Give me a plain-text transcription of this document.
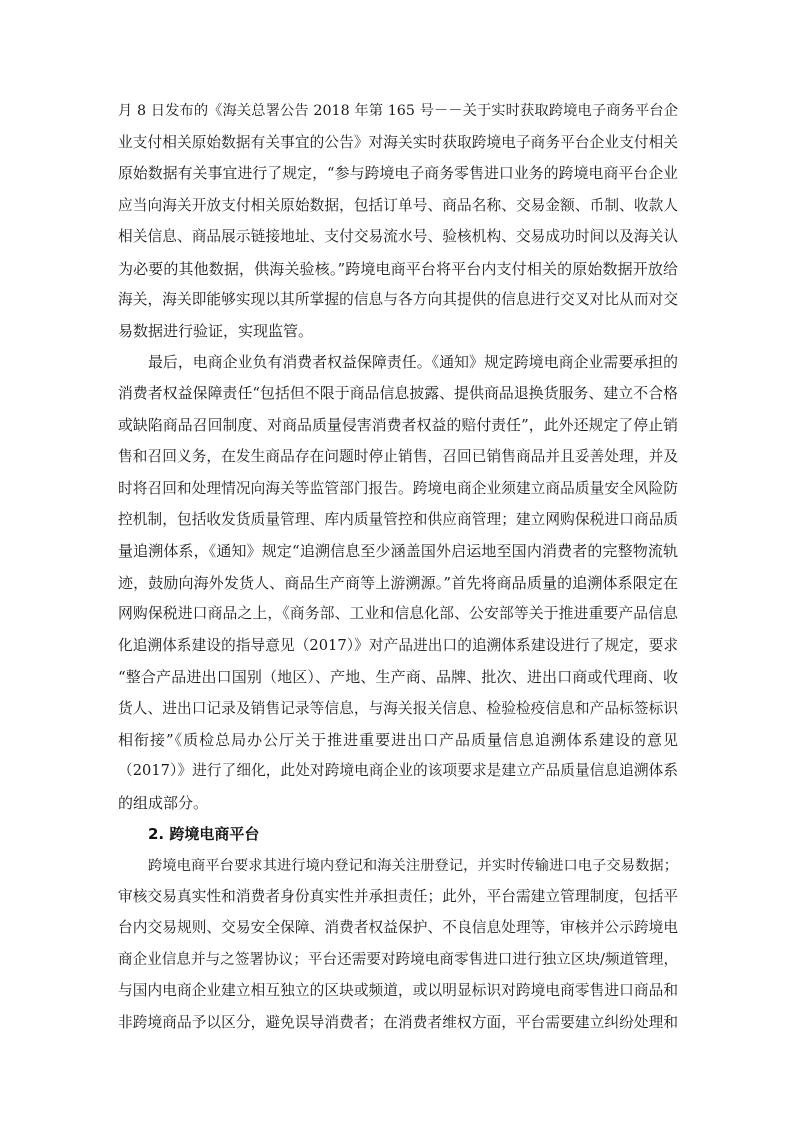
月 8 日发布的《海关总署公告 2018 年第 165 号－－关于实时获取跨境电子商务平台企
业支付相关原始数据有关事宜的公告》对海关实时获取跨境电子商务平台企业支付相关
原始数据有关事宜进行了规定，“参与跨境电子商务零售进口业务的跨境电商平台企业
应当向海关开放支付相关原始数据，包括订单号、商品名称、交易金额、币制、收款人
相关信息、商品展示链接地址、支付交易流水号、验核机构、交易成功时间以及海关认
为必要的其他数据，供海关验核。”跨境电商平台将平台内支付相关的原始数据开放给
海关，海关即能够实现以其所掌握的信息与各方向其提供的信息进行交叉对比从而对交
易数据进行验证，实现监管。
最后，电商企业负有消费者权益保障责任。《通知》规定跨境电商企业需要承担的
消费者权益保障责任“包括但不限于商品信息披露、提供商品退换货服务、建立不合格
或缺陷商品召回制度、对商品质量侵害消费者权益的赔付责任”，此外还规定了停止销
售和召回义务，在发生商品存在问题时停止销售，召回已销售商品并且妥善处理，并及
时将召回和处理情况向海关等监管部门报告。跨境电商企业须建立商品质量安全风险防
控机制，包括收发货质量管理、库内质量管控和供应商管理；建立网购保税进口商品质
量追溯体系，《通知》规定“追溯信息至少涵盖国外启运地至国内消费者的完整物流轨
迹，鼓励向海外发货人、商品生产商等上游溯源。”首先将商品质量的追溯体系限定在
网购保税进口商品之上，《商务部、工业和信息化部、公安部等关于推进重要产品信息
化追溯体系建设的指导意见（2017）》对产品进出口的追溯体系建设进行了规定，要求
“整合产品进出口国别（地区）、产地、生产商、品牌、批次、进出口商或代理商、收
货人、进出口记录及销售记录等信息，与海关报关信息、检验检疫信息和产品标签标识
相衔接”《质检总局办公厅关于推进重要进出口产品质量信息追溯体系建设的意见
（2017）》进行了细化，此处对跨境电商企业的该项要求是建立产品质量信息追溯体系
的组成部分。
2. 跨境电商平台
跨境电商平台要求其进行境内登记和海关注册登记，并实时传输进口电子交易数据；
审核交易真实性和消费者身份真实性并承担责任；此外，平台需建立管理制度，包括平
台内交易规则、交易安全保障、消费者权益保护、不良信息处理等，审核并公示跨境电
商企业信息并与之签署协议；平台还需要对跨境电商零售进口进行独立区块/频道管理，
与国内电商企业建立相互独立的区块或频道，或以明显标识对跨境电商零售进口商品和
非跨境商品予以区分，避免误导消费者；在消费者维权方面，平台需要建立纠纷处理和
